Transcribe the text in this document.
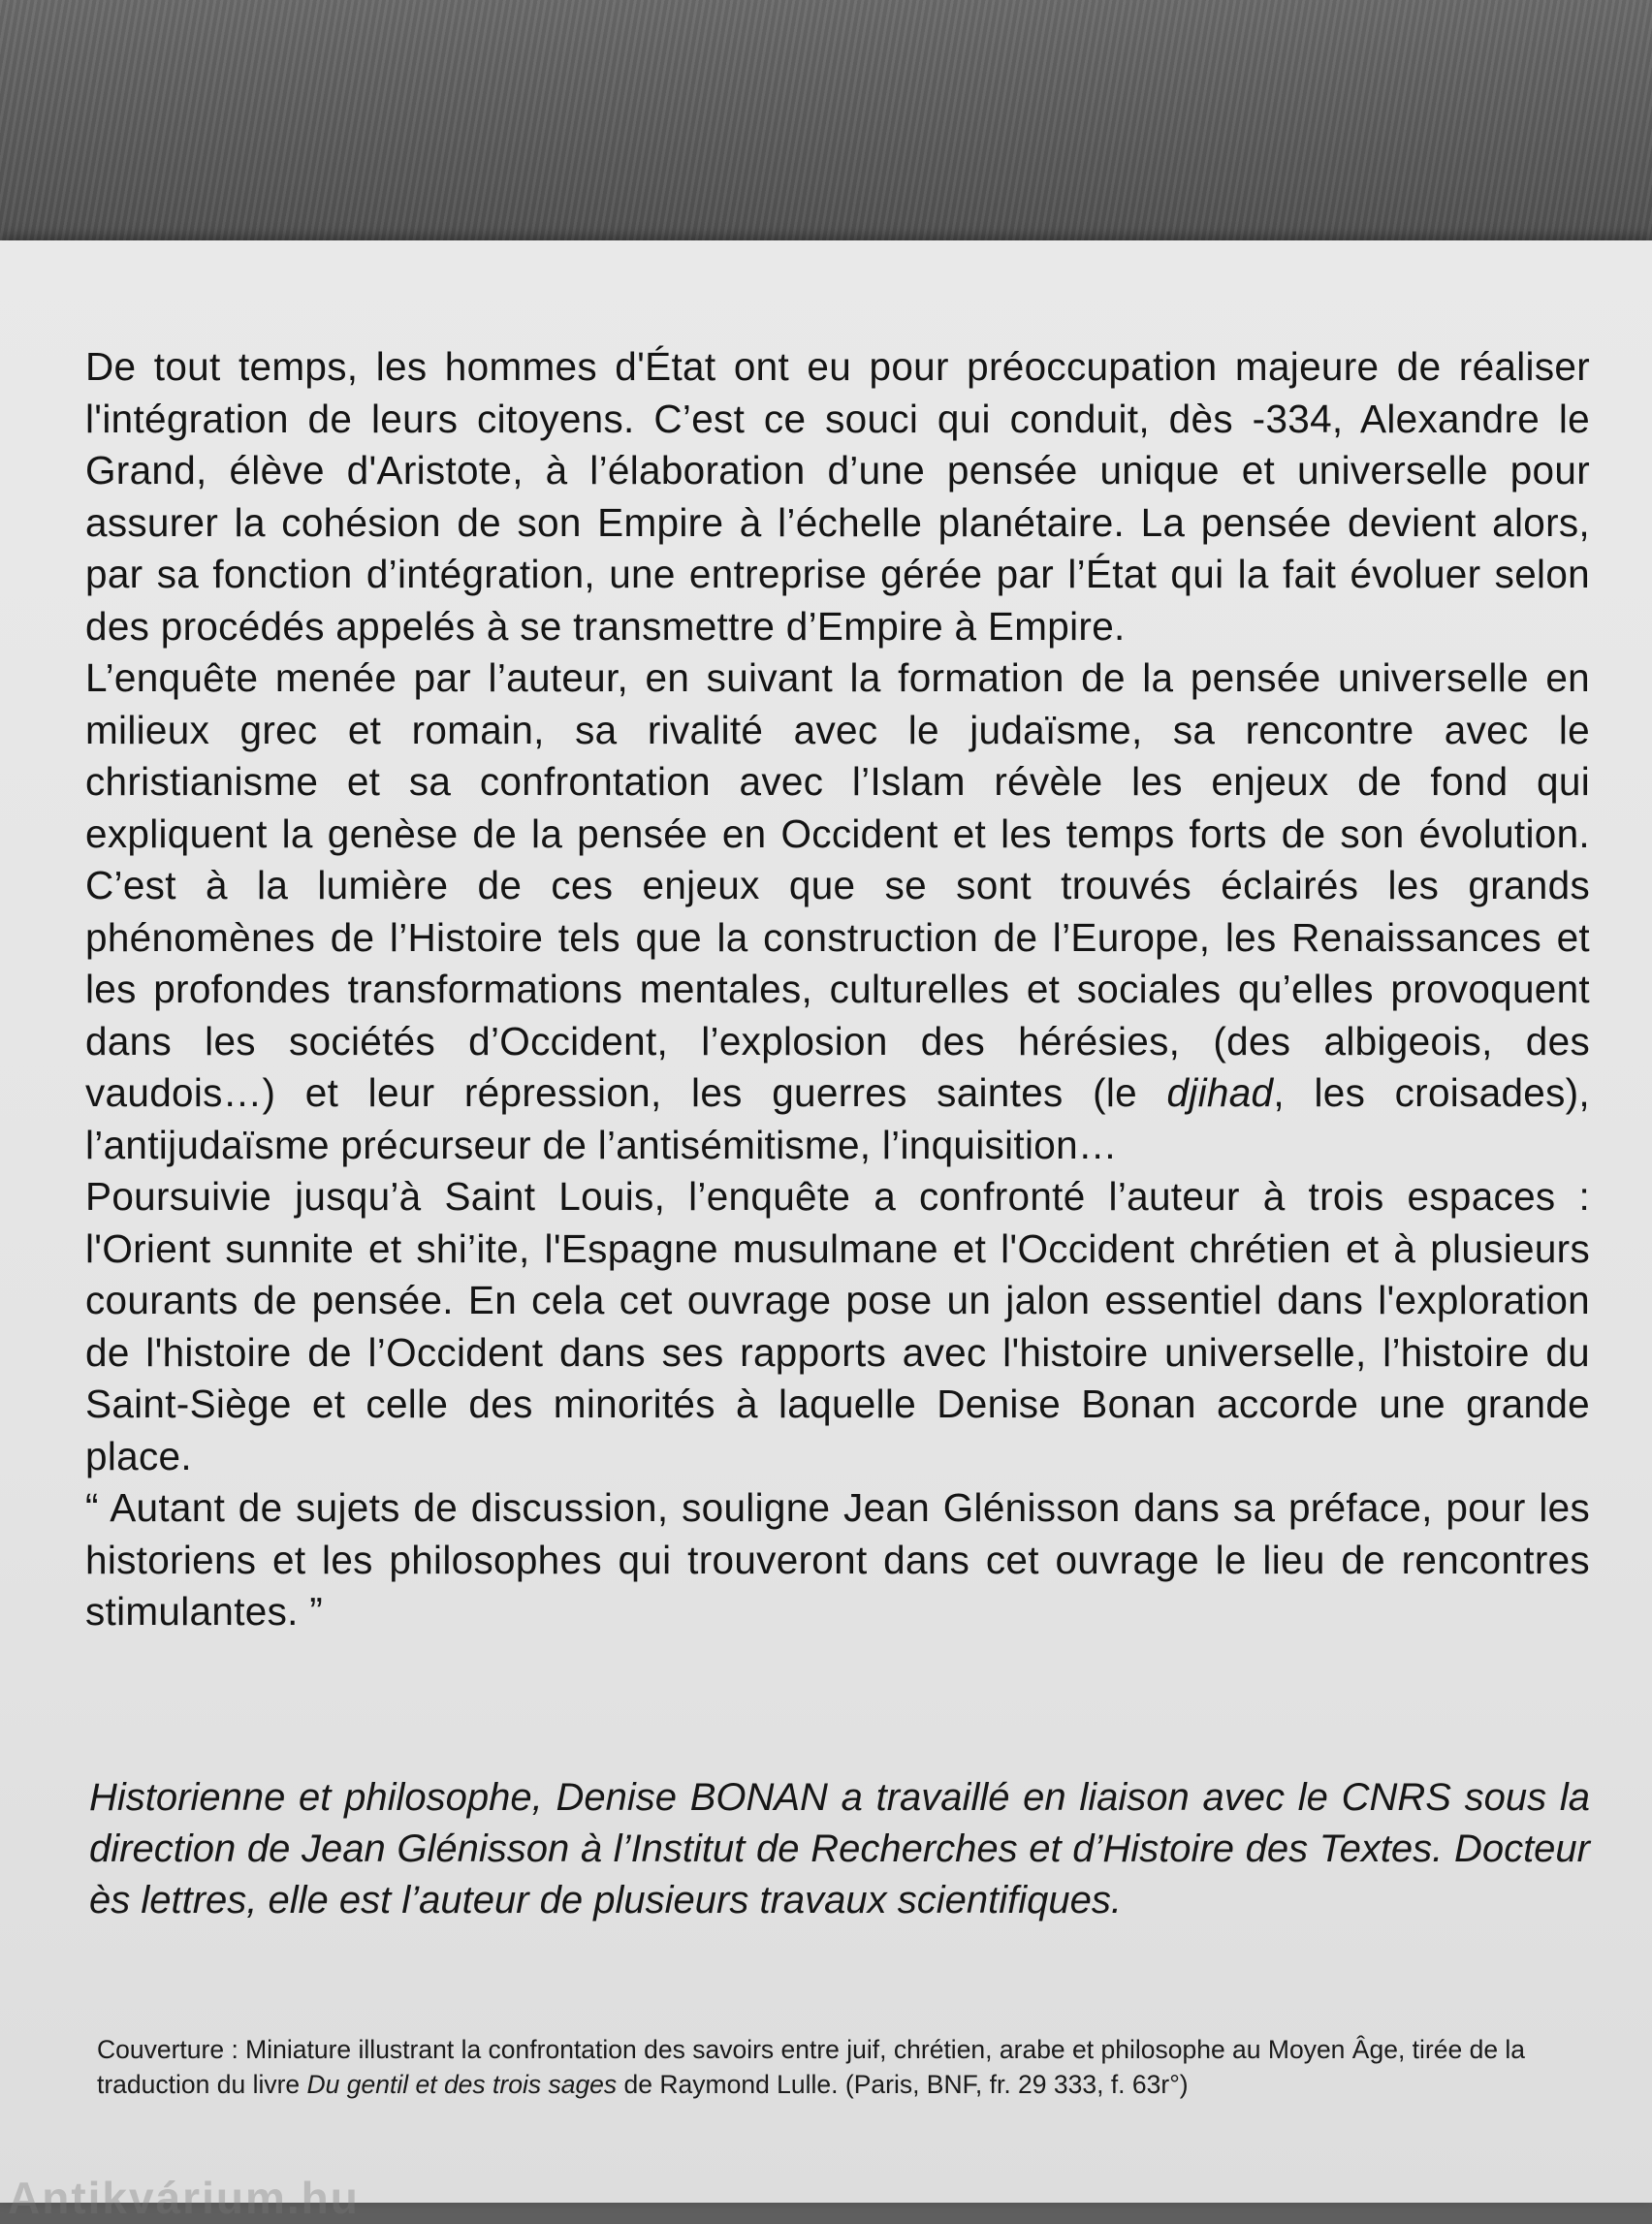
De tout temps, les hommes d'État ont eu pour préoccupation majeure de réaliser l'intégration de leurs citoyens. C’est ce souci qui conduit, dès -334, Alexandre le Grand, élève d'Aristote, à l’élaboration d’une pensée unique et universelle pour assurer la cohésion de son Empire à l’échelle planétaire. La pensée devient alors, par sa fonction d’intégration, une entreprise gérée par l’État qui la fait évoluer selon des procédés appelés à se transmettre d’Empire à Empire.

L’enquête menée par l’auteur, en suivant la formation de la pensée universelle en milieux grec et romain, sa rivalité avec le judaïsme, sa rencontre avec le christianisme et sa confrontation avec l’Islam révèle les enjeux de fond qui expliquent la genèse de la pensée en Occident et les temps forts de son évolution. C’est à la lumière de ces enjeux que se sont trouvés éclairés les grands phénomènes de l’Histoire tels que la construction de l’Europe, les Renaissances et les profondes transformations mentales, culturelles et sociales qu’elles provoquent dans les sociétés d’Occident, l’explosion des hérésies, (des albigeois, des vaudois…) et leur répression, les guerres saintes (le djihad, les croisades), l’antijudaïsme précurseur de l’antisémitisme, l’inquisition…

Poursuivie jusqu’à Saint Louis, l’enquête a confronté l’auteur à trois espaces : l'Orient sunnite et shi’ite, l'Espagne musulmane et l'Occident chrétien et à plusieurs courants de pensée. En cela cet ouvrage pose un jalon essentiel dans l'exploration de l'histoire de l’Occident dans ses rapports avec l'histoire universelle, l’histoire du Saint-Siège et celle des minorités à laquelle Denise Bonan accorde une grande place.

“ Autant de sujets de discussion, souligne Jean Glénisson dans sa préface, pour les historiens et les philosophes qui trouveront dans cet ouvrage le lieu de rencontres stimulantes. ”

Historienne et philosophe, Denise BONAN a travaillé en liaison avec le CNRS sous la direction de Jean Glénisson à l’Institut de Recherches et d’Histoire des Textes. Docteur ès lettres, elle est l’auteur de plusieurs travaux scientifiques.

Couverture : Miniature illustrant la confrontation des savoirs entre juif, chrétien, arabe et philosophe au Moyen Âge, tirée de la traduction du livre Du gentil et des trois sages de Raymond Lulle. (Paris, BNF, fr. 29 333, f. 63r°)

Antikvárium.hu
